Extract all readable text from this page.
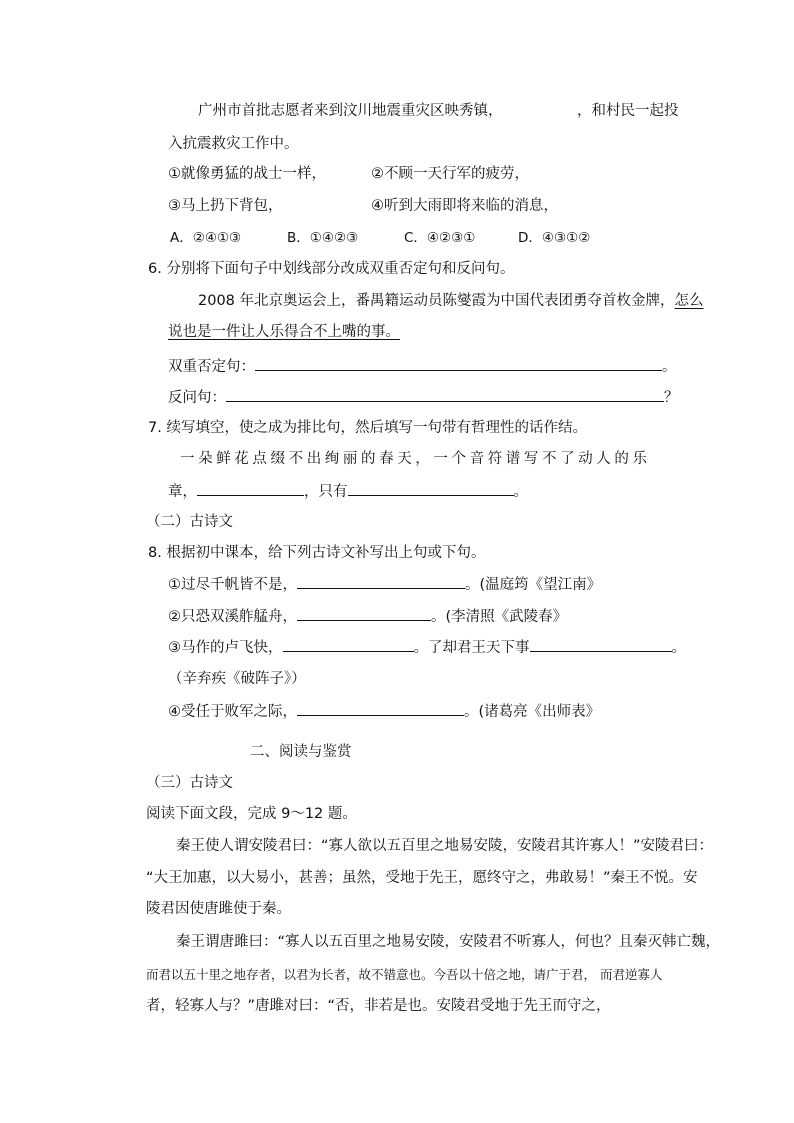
广州市首批志愿者来到汶川地震重灾区映秀镇，	，和村民一起投
入抗震救灾工作中。
①就像勇猛的战士一样，	②不顾一天行军的疲劳，
③马上扔下背包，	④听到大雨即将来临的消息，
A．②④①③	B．①④②③	C．④②③①	D．④③①②
6. 分别将下面句子中划线部分改成双重否定句和反问句。
2008 年北京奥运会上，番禺籍运动员陈燮霞为中国代表团勇夺首枚金牌，怎么
说也是一件让人乐得合不上嘴的事。
双重否定句：	。
反问句：	？
7. 续写填空，使之成为排比句，然后填写一句带有哲理性的话作结。
一朵鲜花点缀不出绚丽的春天，一个音符谱写不了动人的乐
章，	，只有	。
（二）古诗文
8. 根据初中课本，给下列古诗文补写出上句或下句。
①过尽千帆皆不是，	。(温庭筠《望江南》
②只恐双溪舴艋舟，	。(李清照《武陵春》
③马作的卢飞快，	。了却君王天下事	。
（辛弃疾《破阵子》）
④受任于败军之际，	。(诸葛亮《出师表》
二、阅读与鉴赏
（三）古诗文
阅读下面文段，完成 9～12 题。
秦王使人谓安陵君曰：“寡人欲以五百里之地易安陵，安陵君其许寡人！”安陵君曰：
“大王加惠，以大易小，甚善；虽然，受地于先王，愿终守之，弗敢易！”秦王不悦。安
陵君因使唐雎使于秦。
秦王谓唐雎曰：“寡人以五百里之地易安陵，安陵君不听寡人，何也？且秦灭韩亡魏，
而君以五十里之地存者，以君为长者，故不错意也。今吾以十倍之地，请广于君， 而君逆寡人
者，轻寡人与？”唐雎对曰：“否，非若是也。安陵君受地于先王而守之，
